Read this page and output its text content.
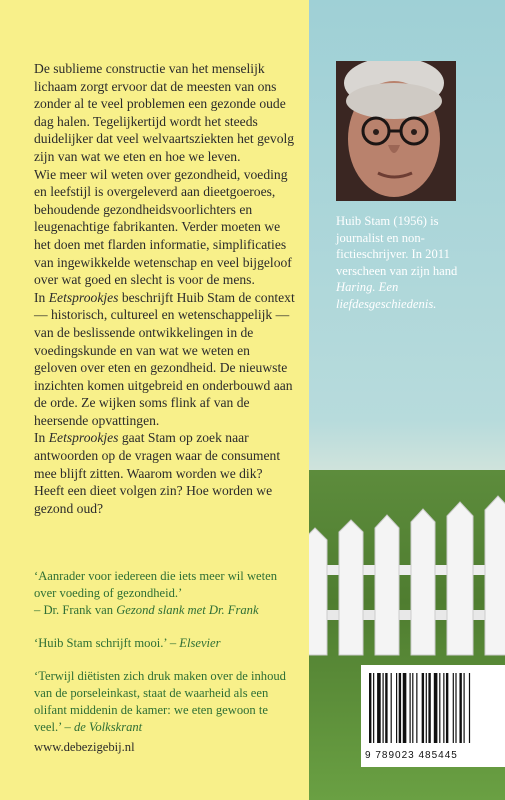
De sublieme constructie van het menselijk lichaam zorgt ervoor dat de meesten van ons zonder al te veel problemen een gezonde oude dag halen. Tegelijkertijd wordt het steeds duidelijker dat veel welvaartsziekten het gevolg zijn van wat we eten en hoe we leven.

Wie meer wil weten over gezondheid, voeding en leefstijl is overgeleverd aan dieetgoeroes, behoudende gezondheidsvoorlichters en leugenachtige fabrikanten. Verder moeten we het doen met flarden informatie, simplificaties van ingewikkelde wetenschap en veel bijgeloof over wat goed en slecht is voor de mens.

In Eetsprookjes beschrijft Huib Stam de context — historisch, cultureel en wetenschappelijk — van de beslissende ontwikkelingen in de voedingskunde en van wat we weten en geloven over eten en gezondheid. De nieuwste inzichten komen uitgebreid en onderbouwd aan de orde. Ze wijken soms flink af van de heersende opvattingen.

In Eetsprookjes gaat Stam op zoek naar antwoorden op de vragen waar de consument mee blijft zitten. Waarom worden we dik? Heeft een dieet volgen zin? Hoe worden we gezond oud?

‘Aanrader voor iedereen die iets meer wil weten over voeding of gezondheid.’
– Dr. Frank van Gezond slank met Dr. Frank

‘Huib Stam schrijft mooi.’ – Elsevier

‘Terwijl diëtisten zich druk maken over de inhoud van de porseleinkast, staat de waarheid als een olifant middenin de kamer: we eten gewoon te veel.’ – de Volkskrant

www.debezigebij.nl
Huib Stam (1956) is journalist en non-fictieschrijver. In 2011 verscheen van zijn hand Haring. Een liefdesgeschiedenis.
9 789023 485445
